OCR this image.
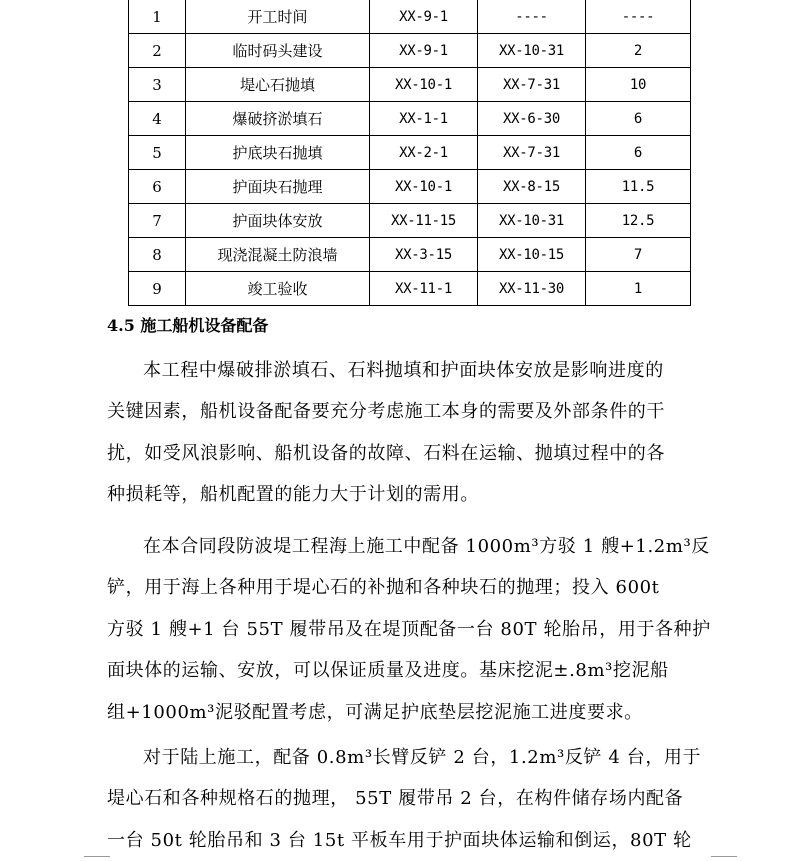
1	开工时间	XX-9-1	----	----
2	临时码头建设	XX-9-1	XX-10-31	2
3	堤心石抛填	XX-10-1	XX-7-31	10
4	爆破挤淤填石	XX-1-1	XX-6-30	6
5	护底块石抛填	XX-2-1	XX-7-31	6
6	护面块石抛理	XX-10-1	XX-8-15	11.5
7	护面块体安放	XX-11-15	XX-10-31	12.5
8	现浇混凝土防浪墙	XX-3-15	XX-10-15	7
9	竣工验收	XX-11-1	XX-11-30	1
4.5 施工船机设备配备
本工程中爆破排淤填石、石料抛填和护面块体安放是影响进度的
关键因素，船机设备配备要充分考虑施工本身的需要及外部条件的干
扰，如受风浪影响、船机设备的故障、石料在运输、抛填过程中的各
种损耗等，船机配置的能力大于计划的需用。
在本合同段防波堤工程海上施工中配备 1000m³方驳 1 艘+1.2m³反
铲，用于海上各种用于堤心石的补抛和各种块石的抛理；投入 600t
方驳 1 艘+1 台 55T 履带吊及在堤顶配备一台 80T 轮胎吊，用于各种护
面块体的运输、安放，可以保证质量及进度。基床挖泥±.8m³挖泥船
组+1000m³泥驳配置考虑，可满足护底垫层挖泥施工进度要求。
对于陆上施工，配备 0.8m³长臂反铲 2 台，1.2m³反铲 4 台，用于
堤心石和各种规格石的抛理， 55T 履带吊 2 台，在构件储存场内配备
一台 50t 轮胎吊和 3 台 15t 平板车用于护面块体运输和倒运，80T 轮
